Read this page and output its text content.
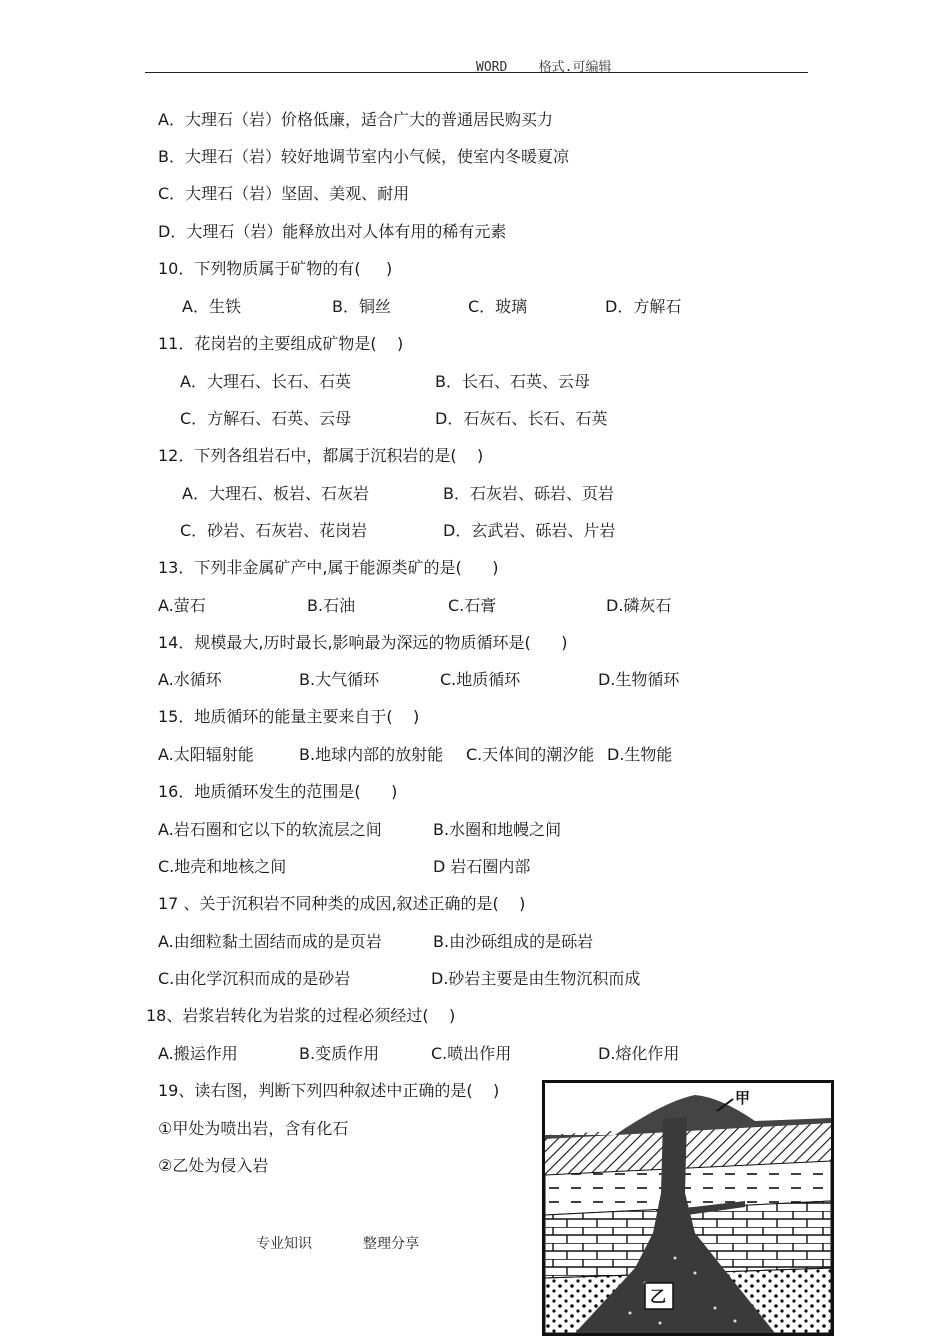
WORD 格式.可编辑
A．大理石（岩）价格低廉，适合广大的普通居民购买力
B．大理石（岩）较好地调节室内小气候，使室内冬暖夏凉
C．大理石（岩）坚固、美观、耐用
D．大理石（岩）能释放出对人体有用的稀有元素
10．下列物质属于矿物的有(     )
A．生铁	B．铜丝	C．玻璃	D．方解石
11．花岗岩的主要组成矿物是(    )
A．大理石、长石、石英	B．长石、石英、云母
C．方解石、石英、云母	D．石灰石、长石、石英
12．下列各组岩石中，都属于沉积岩的是(    )
A．大理石、板岩、石灰岩	B．石灰岩、砾岩、页岩
C．砂岩、石灰岩、花岗岩	D．玄武岩、砾岩、片岩
13．下列非金属矿产中,属于能源类矿的是(      )
A.萤石	B.石油	C.石膏	D.磷灰石
14．规模最大,历时最长,影响最为深远的物质循环是(      )
A.水循环	B.大气循环	C.地质循环	D.生物循环
15．地质循环的能量主要来自于(    )
A.太阳辐射能	B.地球内部的放射能 C.天体间的潮汐能 D.生物能
16．地质循环发生的范围是(      )
A.岩石圈和它以下的软流层之间	B.水圈和地幔之间
C.地壳和地核之间	D 岩石圈内部
17 、关于沉积岩不同种类的成因,叙述正确的是(    )
A.由细粒黏土固结而成的是页岩	B.由沙砾组成的是砾岩
C.由化学沉积而成的是砂岩	D.砂岩主要是由生物沉积而成
18、岩浆岩转化为岩浆的过程必须经过(    )
A.搬运作用	B.变质作用	C.喷出作用	D.熔化作用
19、读右图，判断下列四种叙述中正确的是(    )
①甲处为喷出岩，含有化石
②乙处为侵入岩
甲
乙
专业知识	整理分享
